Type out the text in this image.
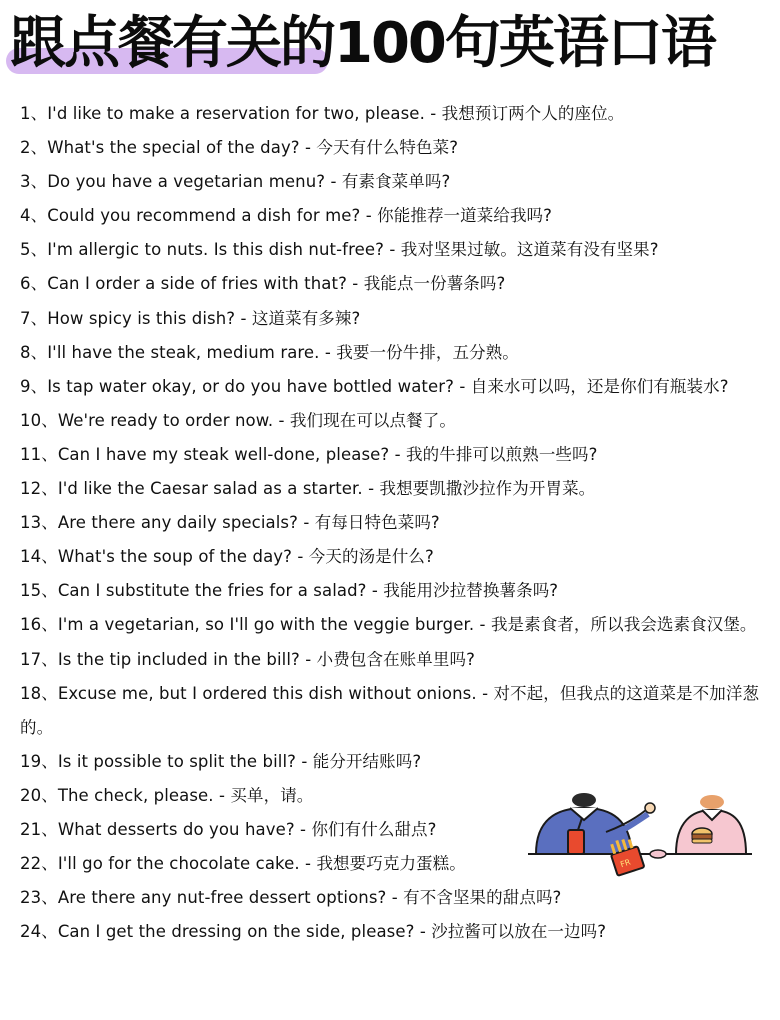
跟点餐有关的100句英语口语
1、I'd like to make a reservation for two, please. - 我想预订两个人的座位。
2、What's the special of the day? - 今天有什么特色菜?
3、Do you have a vegetarian menu? - 有素食菜单吗?
4、Could you recommend a dish for me? - 你能推荐一道菜给我吗?
5、I'm allergic to nuts. Is this dish nut-free? - 我对坚果过敏。这道菜有没有坚果?
6、Can I order a side of fries with that? - 我能点一份薯条吗?
7、How spicy is this dish? - 这道菜有多辣?
8、I'll have the steak, medium rare. - 我要一份牛排，五分熟。
9、Is tap water okay, or do you have bottled water? - 自来水可以吗，还是你们有瓶装水?
10、We're ready to order now. - 我们现在可以点餐了。
11、Can I have my steak well-done, please? - 我的牛排可以煎熟一些吗?
12、I'd like the Caesar salad as a starter. - 我想要凯撒沙拉作为开胃菜。
13、Are there any daily specials? - 有每日特色菜吗?
14、What's the soup of the day? - 今天的汤是什么?
15、Can I substitute the fries for a salad? - 我能用沙拉替换薯条吗?
16、I'm a vegetarian, so I'll go with the veggie burger. - 我是素食者，所以我会选素食汉堡。
17、Is the tip included in the bill? - 小费包含在账单里吗?
18、Excuse me, but I ordered this dish without onions. - 对不起，但我点的这道菜是不加洋葱的。
19、Is it possible to split the bill? - 能分开结账吗?
20、The check, please. - 买单，请。
21、What desserts do you have? - 你们有什么甜点?
22、I'll go for the chocolate cake. - 我想要巧克力蛋糕。
23、Are there any nut-free dessert options? - 有不含坚果的甜点吗?
24、Can I get the dressing on the side, please? - 沙拉酱可以放在一边吗?
FR
